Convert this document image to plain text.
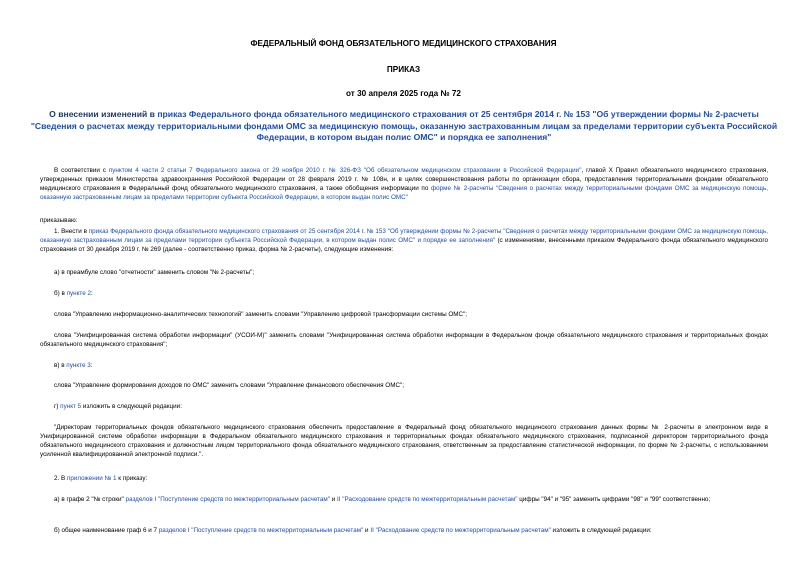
ФЕДЕРАЛЬНЫЙ ФОНД ОБЯЗАТЕЛЬНОГО МЕДИЦИНСКОГО СТРАХОВАНИЯ
ПРИКАЗ
от 30 апреля 2025 года № 72
О внесении изменений в приказ Федерального фонда обязательного медицинского страхования от 25 сентября 2014 г. № 153 "Об утверждении формы № 2-расчеты "Сведения о расчетах между территориальными фондами ОМС за медицинскую помощь, оказанную застрахованным лицам за пределами территории субъекта Российской Федерации, в котором выдан полис ОМС" и порядка ее заполнения"
В соответствии с пунктом 4 части 2 статьи 7 Федерального закона от 29 ноября 2010 г. № 326-ФЗ "Об обязательном медицинском страховании в Российской Федерации", главой X Правил обязательного медицинского страхования, утвержденных приказом Министерства здравоохранения Российской Федерации от 28 февраля 2019 г. № 108н, и в целях совершенствования работы по организации сбора, предоставления территориальными фондами обязательного медицинского страхования в Федеральный фонд обязательного медицинского страхования, а также обобщения информации по форме № 2-расчеты "Сведения о расчетах между территориальными фондами ОМС за медицинскую помощь, оказанную застрахованным лицам за пределами территории субъекта Российской Федерации, в котором выдан полис ОМС"
приказываю:
1. Внести в приказ Федерального фонда обязательного медицинского страхования от 25 сентября 2014 г. № 153 "Об утверждении формы № 2-расчеты "Сведения о расчетах между территориальными фондами ОМС за медицинскую помощь, оказанную застрахованным лицам за пределами территории субъекта Российской Федерации, в котором выдан полис ОМС" и порядке ее заполнения" (с изменениями, внесенными приказом Федерального фонда обязательного медицинского страхования от 30 декабря 2019 г. № 269 (далее - соответственно приказ, форма № 2-расчеты), следующие изменения:
а) в преамбуле слово "отчетности" заменить словом "№ 2-расчеты";
б) в пункте 2:
слова "Управлению информационно-аналитических технологий" заменить словами "Управлению цифровой трансформации системы ОМС";
слова "Унифицированная система обработки информации" (УСОИ-М)" заменить словами "Унифицированная система обработки информации в Федеральном фонде обязательного медицинского страхования и территориальных фондах обязательного медицинского страхования";
в) в пункте 3:
слова "Управление формирования доходов по ОМС" заменить словами "Управление финансового обеспечения ОМС";
г) пункт 5 изложить в следующей редакции:
"Директорам территориальных фондов обязательного медицинского страхования обеспечить предоставление в Федеральный фонд обязательного медицинского страхования данных формы № 2-расчеты в электронном виде в Унифицированной системе обработки информации в Федеральном обязательного медицинского страхования и территориальных фондах обязательного медицинского страхования, подписанной директором территориального фонда обязательного медицинского страхования и должностным лицом территориального фонда обязательного медицинского страхования, ответственным за предоставление статистической информации, по форме № 2-расчеты, с использованием усиленной квалифицированной электронной подписи.".
2. В приложении № 1 к приказу:
а) в графе 2 "№ строки" разделов I "Поступление средств по межтерриториальным расчетам" и II "Расходование средств по межтерриториальным расчетам" цифры "94" и "95" заменить цифрами "98" и "99" соответственно;
б) общее наименование граф 6 и 7 разделов I "Поступление средств по межтерриториальным расчетам" и II "Расходование средств по межтерриториальным расчетам" изложить в следующей редакции:
